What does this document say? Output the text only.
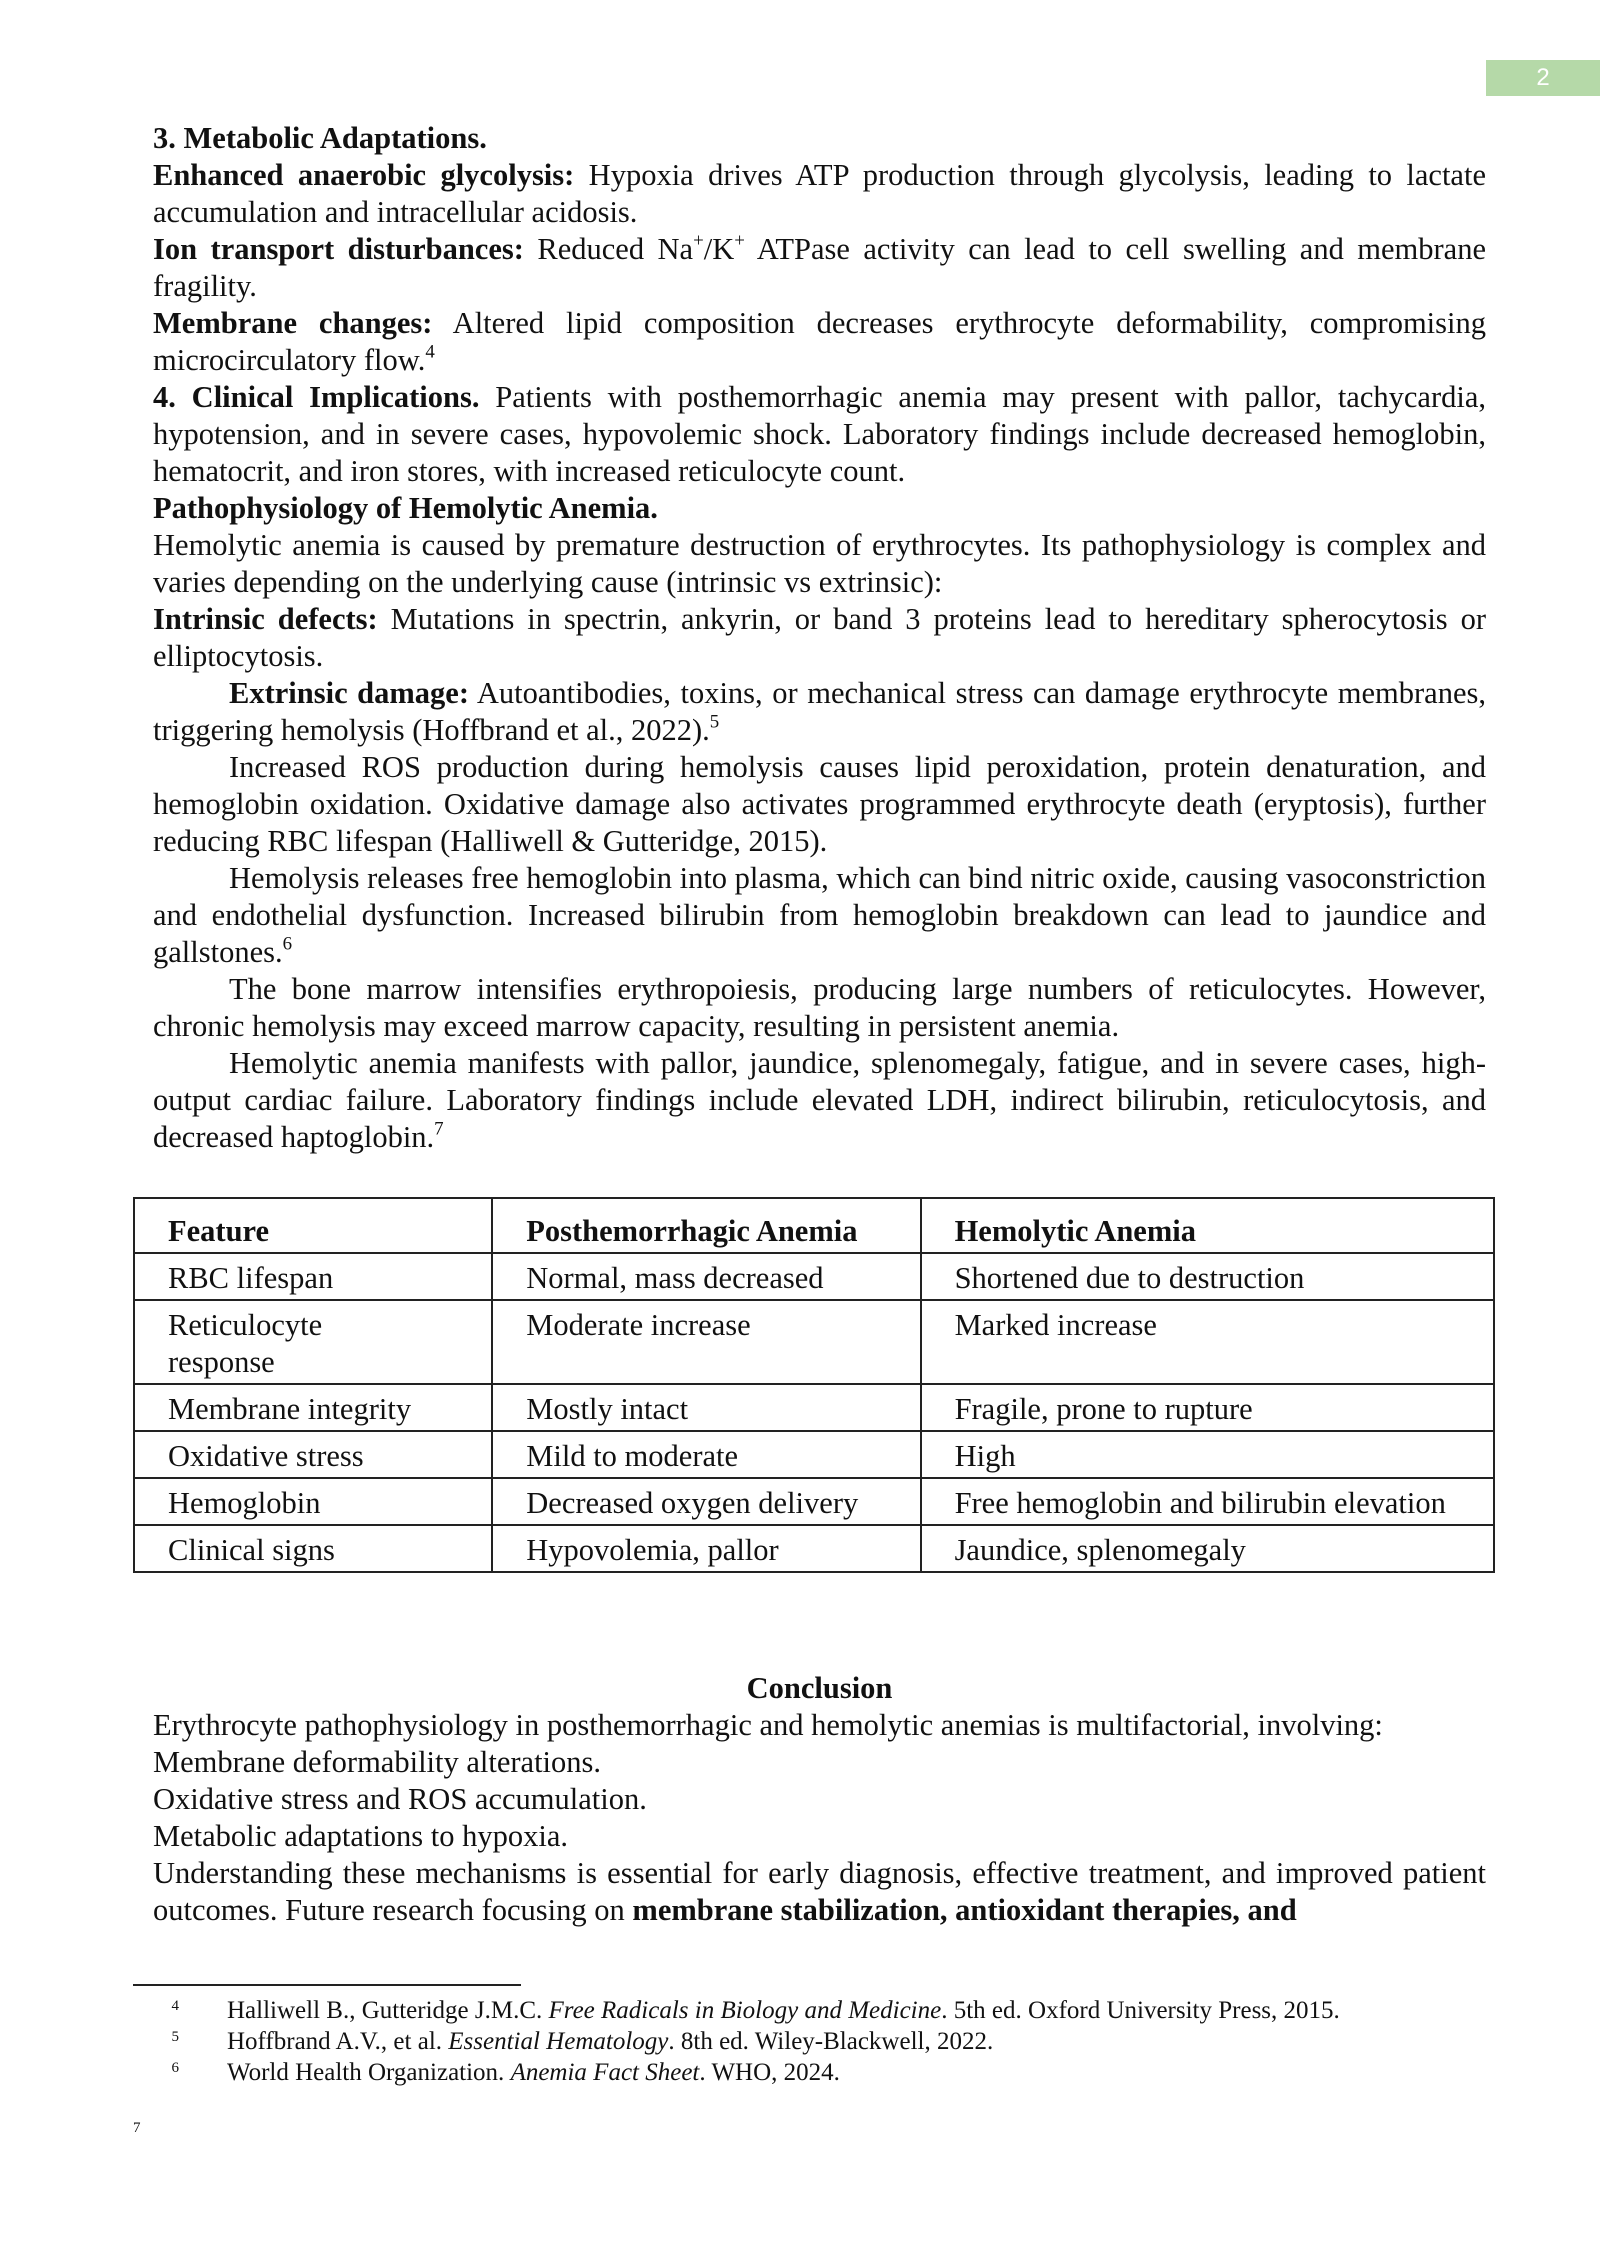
2

3. Metabolic Adaptations.

Enhanced anaerobic glycolysis: Hypoxia drives ATP production through glycolysis, leading to lactate accumulation and intracellular acidosis.

Ion transport disturbances: Reduced Na+/K+ ATPase activity can lead to cell swelling and membrane fragility.

Membrane changes: Altered lipid composition decreases erythrocyte deformability, compromising microcirculatory flow.$^4$

4. Clinical Implications. Patients with posthemorrhagic anemia may present with pallor, tachycardia, hypotension, and in severe cases, hypovolemic shock. Laboratory findings include decreased hemoglobin, hematocrit, and iron stores, with increased reticulocyte count.

Pathophysiology of Hemolytic Anemia.

Hemolytic anemia is caused by premature destruction of erythrocytes. Its pathophysiology is complex and varies depending on the underlying cause (intrinsic vs extrinsic):

Intrinsic defects: Mutations in spectrin, ankyrin, or band 3 proteins lead to hereditary spherocytosis or elliptocytosis.

Extrinsic damage: Autoantibodies, toxins, or mechanical stress can damage erythrocyte membranes, triggering hemolysis (Hoffbrand et al., 2022).$^5$

Increased ROS production during hemolysis causes lipid peroxidation, protein denaturation, and hemoglobin oxidation. Oxidative damage also activates programmed erythrocyte death (eryptosis), further reducing RBC lifespan (Halliwell & Gutteridge, 2015).

Hemolysis releases free hemoglobin into plasma, which can bind nitric oxide, causing vasoconstriction and endothelial dysfunction. Increased bilirubin from hemoglobin breakdown can lead to jaundice and gallstones.$^6$

The bone marrow intensifies erythropoiesis, producing large numbers of reticulocytes. However, chronic hemolysis may exceed marrow capacity, resulting in persistent anemia.

Hemolytic anemia manifests with pallor, jaundice, splenomegaly, fatigue, and in severe cases, high-output cardiac failure. Laboratory findings include elevated LDH, indirect bilirubin, reticulocytosis, and decreased haptoglobin.$^7$

Feature	Posthemorrhagic Anemia	Hemolytic Anemia
RBC lifespan	Normal, mass decreased	Shortened due to destruction
Reticulocyte response	Moderate increase	Marked increase
Membrane integrity	Mostly intact	Fragile, prone to rupture
Oxidative stress	Mild to moderate	High
Hemoglobin	Decreased oxygen delivery	Free hemoglobin and bilirubin elevation
Clinical signs	Hypovolemia, pallor	Jaundice, splenomegaly

Conclusion

Erythrocyte pathophysiology in posthemorrhagic and hemolytic anemias is multifactorial, involving:

Membrane deformability alterations.

Oxidative stress and ROS accumulation.

Metabolic adaptations to hypoxia.

Understanding these mechanisms is essential for early diagnosis, effective treatment, and improved patient outcomes. Future research focusing on membrane stabilization, antioxidant therapies, and

4	Halliwell B., Gutteridge J.M.C. Free Radicals in Biology and Medicine. 5th ed. Oxford University Press, 2015.
5	Hoffbrand A.V., et al. Essential Hematology. 8th ed. Wiley-Blackwell, 2022.
6	World Health Organization. Anemia Fact Sheet. WHO, 2024.
7
